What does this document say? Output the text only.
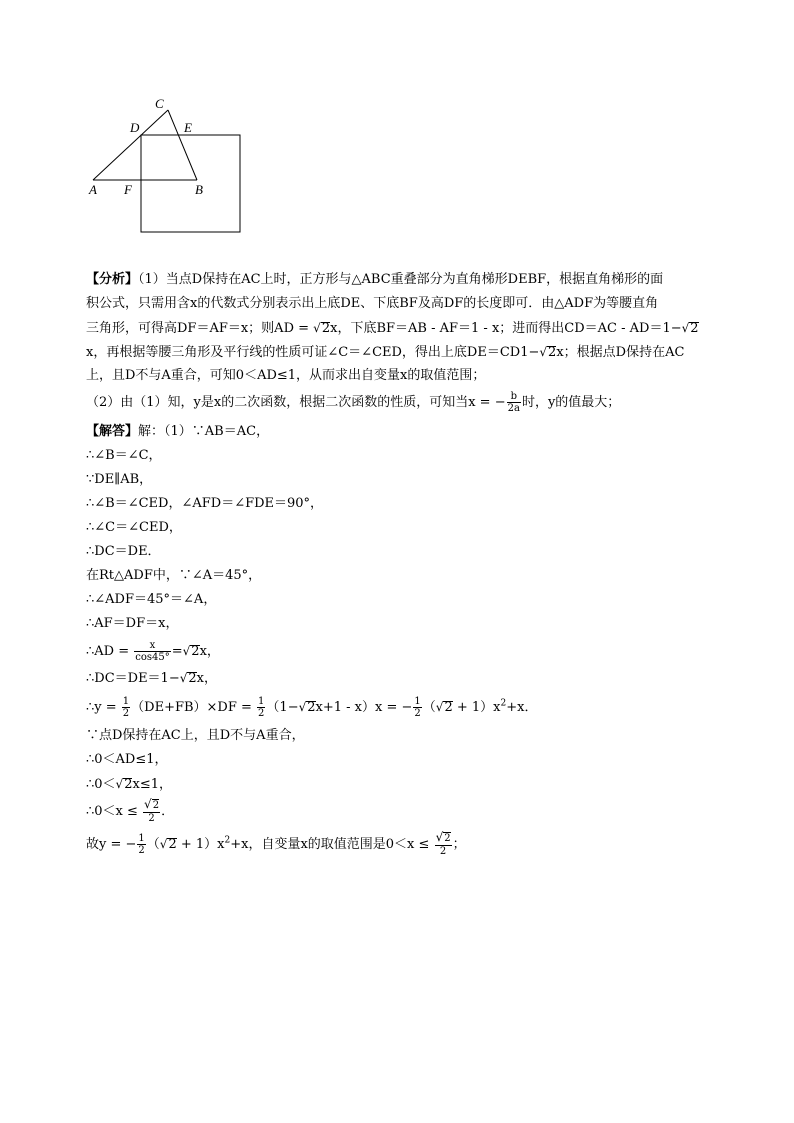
C
D	E
A F	B
【分析】（1）当点D保持在AC上时，正方形与△ABC重叠部分为直角梯形DEBF，根据直角梯形的面
积公式，只需用含x的代数式分别表示出上底DE、下底BF及高DF的长度即可．由△ADF为等腰直角
三角形，可得高DF＝AF＝x；则AD = √2x，下底BF＝AB - AF＝1 - x；进而得出CD＝AC - AD＝1−√2
x，再根据等腰三角形及平行线的性质可证∠C＝∠CED，得出上底DE＝CD1−√2x；根据点D保持在AC
上，且D不与A重合，可知0＜AD≤1，从而求出自变量x的取值范围；
（2）由（1）知，y是x的二次函数，根据二次函数的性质，可知当x = − $\frac{b}{2a}$ 时，y的值最大；
【解答】解：（1）∵AB＝AC，
∴∠B＝∠C，
∵DE∥AB，
∴∠B＝∠CED，∠AFD＝∠FDE＝90°，
∴∠C＝∠CED，
∴DC＝DE．
在Rt△ADF中，∵∠A＝45°，
∴∠ADF＝45°＝∠A，
∴AF＝DF＝x，
∴AD = $\frac{x}{\cos 45^\circ} =√2x$，
∴DC＝DE＝1−√2x，
∴y = $\frac{1}{2} (DE+FB)\times DF = \frac{1}{2} (1-√2x+1 - x)x$ = − $\frac{1}{2} (√2 + 1)x^2+x$．
∵点D保持在AC上，且D不与A重合，
∴0＜AD≤1，
∴0＜√2x≤1，
∴0＜x ≤ $\frac{√2}{2}$ ．
故y = − $\frac{1}{2} (√2 + 1)x^2+x$，自变量x的取值范围是$0<x \le \frac{√2}{2}$ ；
